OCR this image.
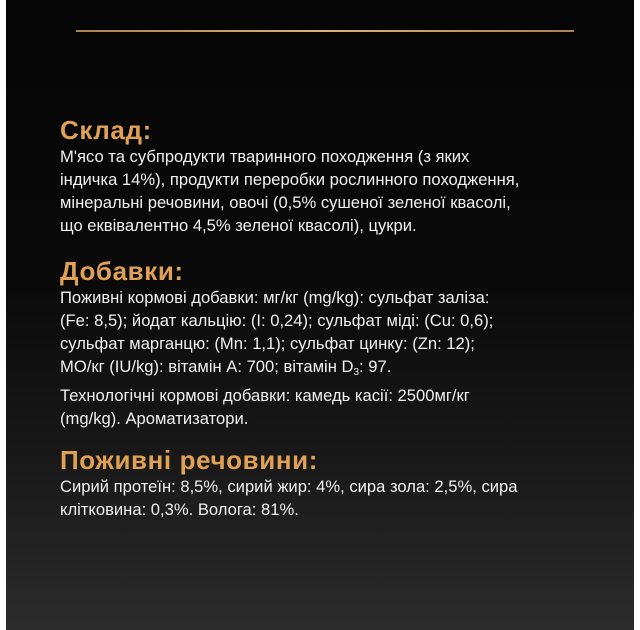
Склад:
М'ясо та субпродукти тваринного походження (з яких
індичка 14%), продукти переробки рослинного походження,
мінеральні речовини, овочі (0,5% сушеної зеленої квасолі,
що еквівалентно 4,5% зеленої квасолі), цукри.
Добавки:
Поживні кормові добавки: мг/кг (mg/kg): сульфат заліза:
(Fe: 8,5); йодат кальцію: (I: 0,24); сульфат міді: (Cu: 0,6);
сульфат марганцю: (Mn: 1,1); сульфат цинку: (Zn: 12);
МО/кг (IU/kg): вітамін A: 700; вітамін $D_3$: 97.
Технологічні кормові добавки: камедь касії: 2500мг/кг
(mg/kg). Ароматизатори.
Поживні речовини:
Сирий протеїн: 8,5%, сирий жир: 4%, сира зола: 2,5%, сира
клітковина: 0,3%. Волога: 81%.
